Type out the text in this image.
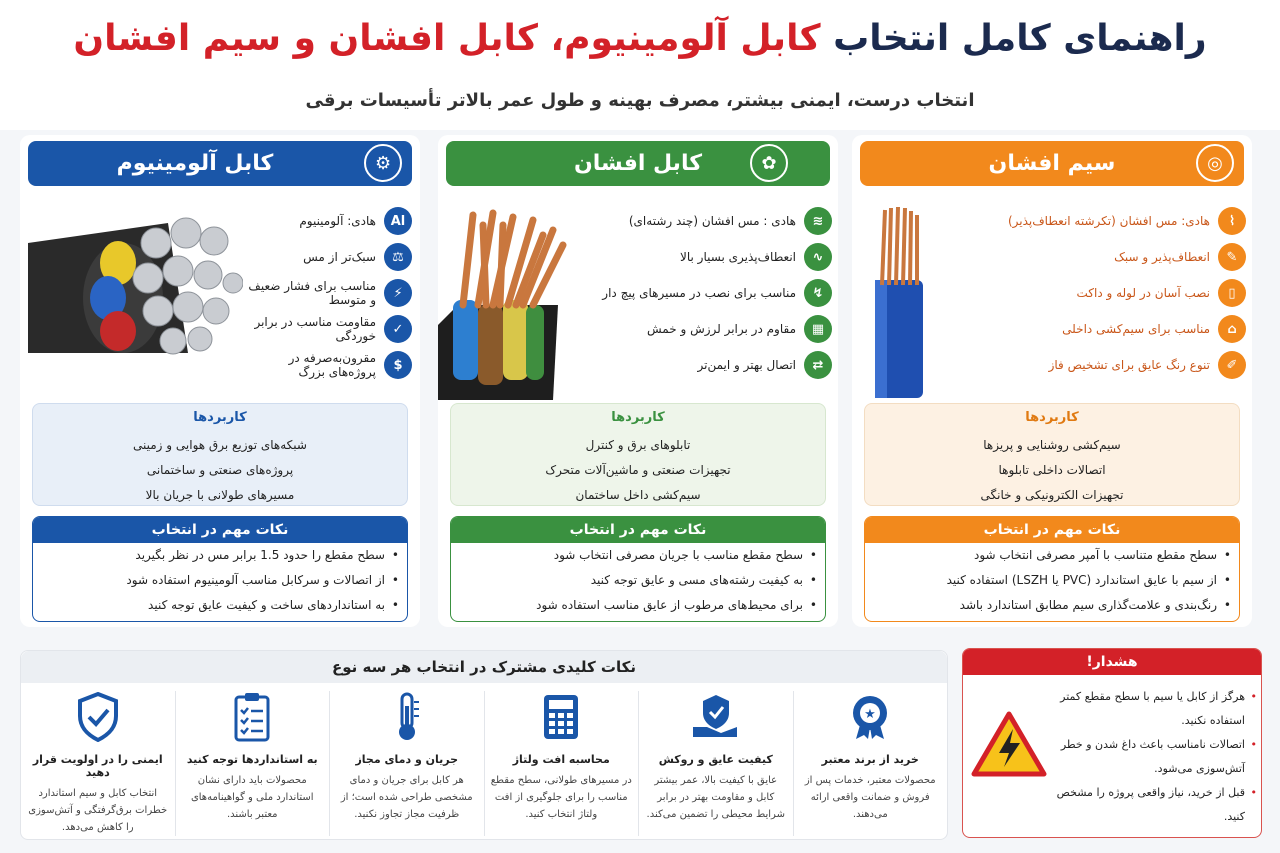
راهنمای کامل انتخاب کابل آلومینیوم، کابل افشان و سیم افشان
انتخاب درست، ایمنی بیشتر، مصرف بهینه و طول عمر بالاتر تأسیسات برقی
کابل آلومینیوم	⚙
Al
هادی: آلومینیوم
⚖
سبک‌تر از مس
⚡
مناسب برای فشار ضعیف و متوسط
✓
مقاومت مناسب در برابر خوردگی
$
مقرون‌به‌صرفه در پروژه‌های بزرگ
کاربردها
شبکه‌های توزیع برق هوایی و زمینی
پروژه‌های صنعتی و ساختمانی
مسیرهای طولانی با جریان بالا
نکات مهم در انتخاب
• سطح مقطع را حدود 1.5 برابر مس در نظر بگیرید
• از اتصالات و سرکابل مناسب آلومینیوم استفاده شود
• به استانداردهای ساخت و کیفیت عایق توجه کنید
کابل افشان	✿
≋
هادی : مس افشان (چند رشته‌ای)
∿
انعطاف‌پذیری بسیار بالا
↯
مناسب برای نصب در مسیرهای پیچ دار
▦
مقاوم در برابر لرزش و خمش
⇄
اتصال بهتر و ایمن‌تر
کاربردها
تابلوهای برق و کنترل
تجهیزات صنعتی و ماشین‌آلات متحرک
سیم‌کشی داخل ساختمان
نکات مهم در انتخاب
• سطح مقطع مناسب با جریان مصرفی انتخاب شود
• به کیفیت رشته‌های مسی و عایق توجه کنید
• برای محیط‌های مرطوب از عایق مناسب استفاده شود
سیم افشان	◎
⌇
هادی: مس افشان (تکرشته انعطاف‌پذیر)
✎
انعطاف‌پذیر و سبک
▯
نصب آسان در لوله و داکت
⌂
مناسب برای سیم‌کشی داخلی
✐
تنوع رنگ عایق برای تشخیص فاز
کاربردها
سیم‌کشی روشنایی و پریزها
اتصالات داخلی تابلوها
تجهیزات الکترونیکی و خانگی
نکات مهم در انتخاب
• سطح مقطع متناسب با آمپر مصرفی انتخاب شود
• از سیم با عایق استاندارد (PVC یا LSZH) استفاده کنید
• رنگ‌بندی و علامت‌گذاری سیم مطابق استاندارد باشد
نکات کلیدی مشترک در انتخاب هر سه نوع
★
خرید از برند معتبر
محصولات معتبر، خدمات پس از فروش و ضمانت واقعی ارائه می‌دهند.
کیفیت عایق و روکش
عایق با کیفیت بالا، عمر بیشتر کابل و مقاومت بهتر در برابر شرایط محیطی را تضمین می‌کند.
محاسبه افت ولتاژ
در مسیرهای طولانی، سطح مقطع مناسب را برای جلوگیری از افت ولتاژ انتخاب کنید.
جریان و دمای مجاز
هر کابل برای جریان و دمای مشخصی طراحی شده است؛ از ظرفیت مجاز تجاوز نکنید.
به استانداردها توجه کنید
محصولات باید دارای نشان استاندارد ملی و گواهینامه‌های معتبر باشند.
ایمنی را در اولویت قرار دهید
انتخاب کابل و سیم استاندارد خطرات برق‌گرفتگی و آتش‌سوزی را کاهش می‌دهد.
هشدار!
• هرگز از کابل یا سیم با سطح مقطع کمتر استفاده نکنید.
• اتصالات نامناسب باعث داغ شدن و خطر آتش‌سوزی می‌شود.
• قبل از خرید، نیاز واقعی پروژه را مشخص کنید.
